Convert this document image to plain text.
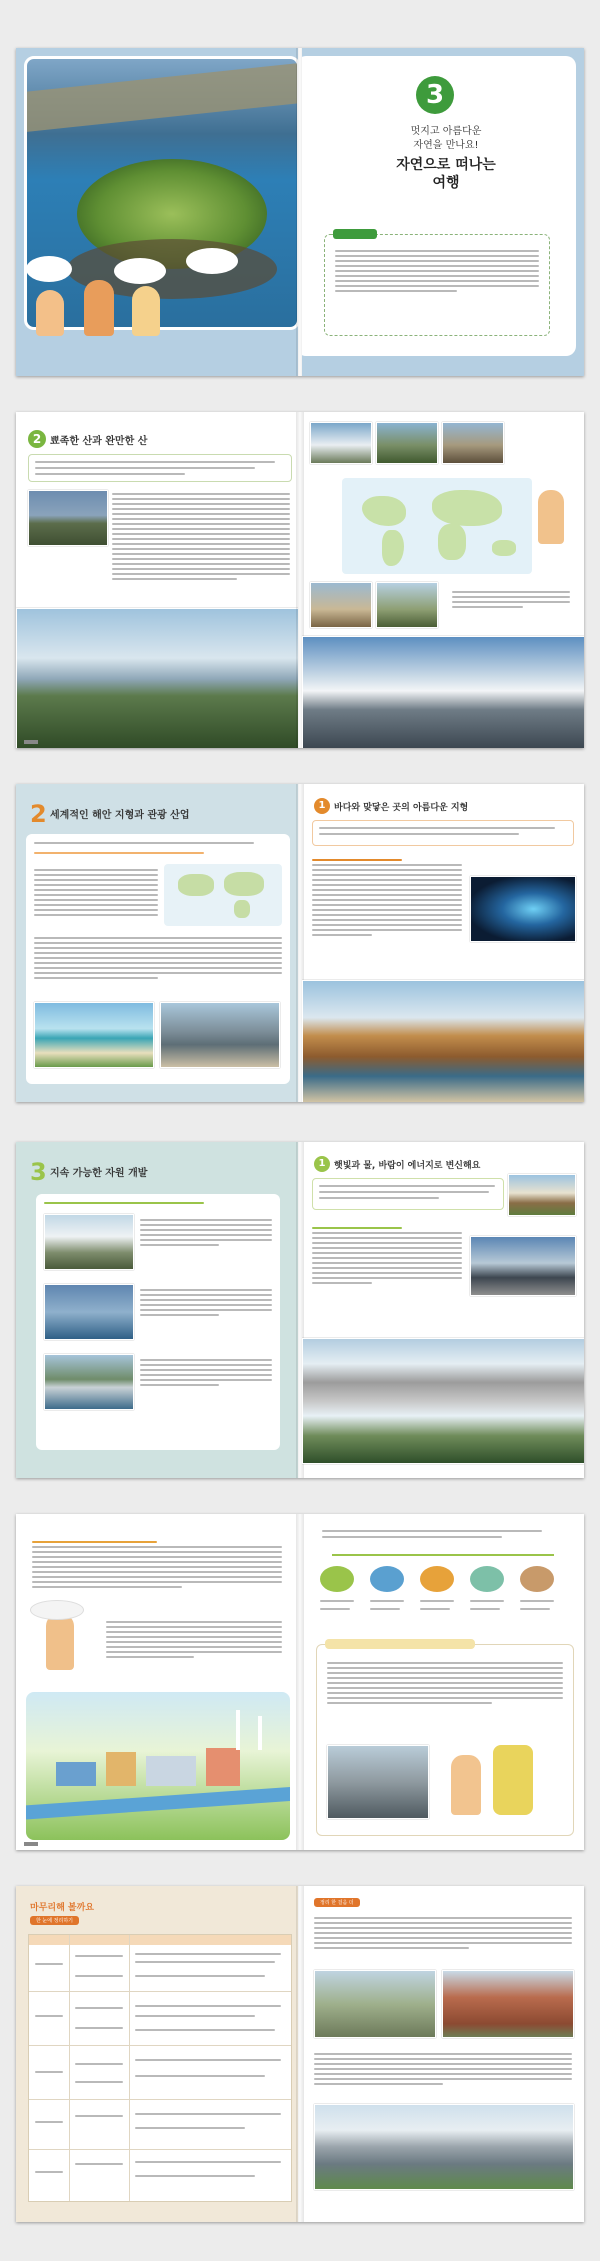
3
멋지고 아름다운
자연을 만나요!
자연으로 떠나는
여행
2 뾰족한 산과 완만한 산
2 세계적인 해안 지형과 관광 산업
1 바다와 맞닿은 곳의 아름다운 지형
3 지속 가능한 자원 개발
1 햇빛과 물, 바람이 에너지로 변신해요
마무리해 볼까요
한 눈에 정리하기
정리 한 걸음 더
